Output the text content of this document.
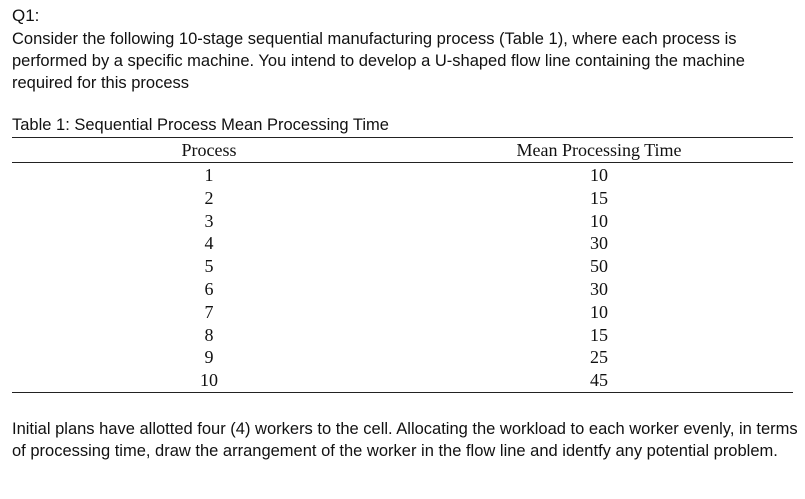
Q1:
Consider the following 10-stage sequential manufacturing process (Table 1), where each process is performed by a specific machine. You intend to develop a U-shaped flow line containing the machine required for this process
Table 1: Sequential Process Mean Processing Time
Process	Mean Processing Time
1	10
2	15
3	10
4	30
5	50
6	30
7	10
8	15
9	25
10	45
Initial plans have allotted four (4) workers to the cell. Allocating the workload to each worker evenly, in terms of processing time, draw the arrangement of the worker in the flow line and identfy any potential problem.
